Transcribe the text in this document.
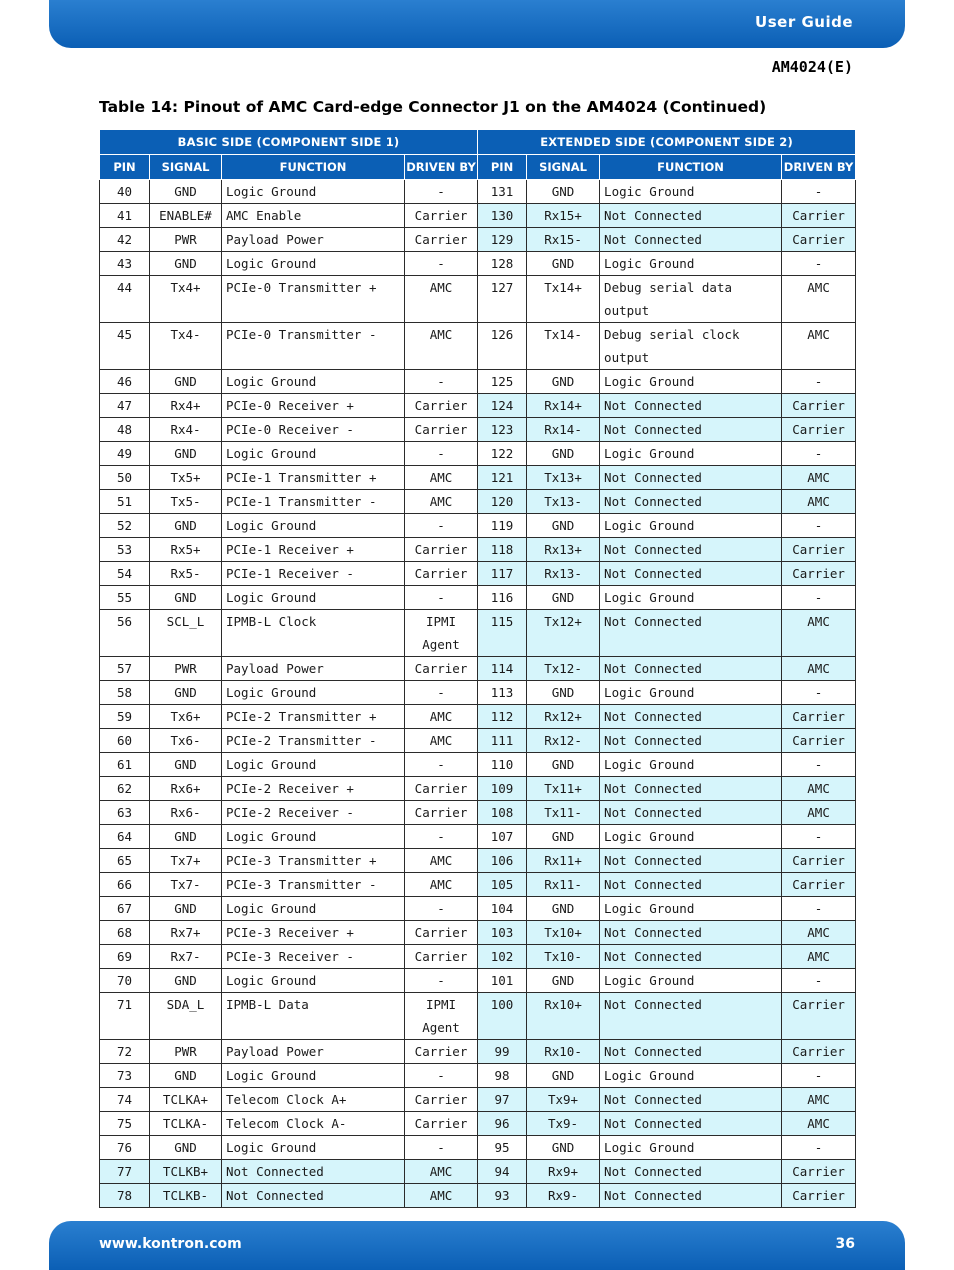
User Guide
AM4024(E)
Table 14: Pinout of AMC Card-edge Connector J1 on the AM4024 (Continued)
BASIC SIDE (COMPONENT SIDE 1)				EXTENDED SIDE (COMPONENT SIDE 2)			
PIN	SIGNAL	FUNCTION	DRIVEN BY	PIN	SIGNAL	FUNCTION	DRIVEN BY
40	GND	Logic Ground	-	131	GND	Logic Ground	-
41	ENABLE#	AMC Enable	Carrier	130	Rx15+	Not Connected	Carrier
42	PWR	Payload Power	Carrier	129	Rx15-	Not Connected	Carrier
43	GND	Logic Ground	-	128	GND	Logic Ground	-
44	Tx4+	PCIe-0 Transmitter +	AMC	127	Tx14+	Debug serial data output	AMC
45	Tx4-	PCIe-0 Transmitter -	AMC	126	Tx14-	Debug serial clock output	AMC
46	GND	Logic Ground	-	125	GND	Logic Ground	-
47	Rx4+	PCIe-0 Receiver +	Carrier	124	Rx14+	Not Connected	Carrier
48	Rx4-	PCIe-0 Receiver -	Carrier	123	Rx14-	Not Connected	Carrier
49	GND	Logic Ground	-	122	GND	Logic Ground	-
50	Tx5+	PCIe-1 Transmitter +	AMC	121	Tx13+	Not Connected	AMC
51	Tx5-	PCIe-1 Transmitter -	AMC	120	Tx13-	Not Connected	AMC
52	GND	Logic Ground	-	119	GND	Logic Ground	-
53	Rx5+	PCIe-1 Receiver +	Carrier	118	Rx13+	Not Connected	Carrier
54	Rx5-	PCIe-1 Receiver -	Carrier	117	Rx13-	Not Connected	Carrier
55	GND	Logic Ground	-	116	GND	Logic Ground	-
56	SCL_L	IPMB-L Clock	IPMI Agent	115	Tx12+	Not Connected	AMC
57	PWR	Payload Power	Carrier	114	Tx12-	Not Connected	AMC
58	GND	Logic Ground	-	113	GND	Logic Ground	-
59	Tx6+	PCIe-2 Transmitter +	AMC	112	Rx12+	Not Connected	Carrier
60	Tx6-	PCIe-2 Transmitter -	AMC	111	Rx12-	Not Connected	Carrier
61	GND	Logic Ground	-	110	GND	Logic Ground	-
62	Rx6+	PCIe-2 Receiver +	Carrier	109	Tx11+	Not Connected	AMC
63	Rx6-	PCIe-2 Receiver -	Carrier	108	Tx11-	Not Connected	AMC
64	GND	Logic Ground	-	107	GND	Logic Ground	-
65	Tx7+	PCIe-3 Transmitter +	AMC	106	Rx11+	Not Connected	Carrier
66	Tx7-	PCIe-3 Transmitter -	AMC	105	Rx11-	Not Connected	Carrier
67	GND	Logic Ground	-	104	GND	Logic Ground	-
68	Rx7+	PCIe-3 Receiver +	Carrier	103	Tx10+	Not Connected	AMC
69	Rx7-	PCIe-3 Receiver -	Carrier	102	Tx10-	Not Connected	AMC
70	GND	Logic Ground	-	101	GND	Logic Ground	-
71	SDA_L	IPMB-L Data	IPMI Agent	100	Rx10+	Not Connected	Carrier
72	PWR	Payload Power	Carrier	99	Rx10-	Not Connected	Carrier
73	GND	Logic Ground	-	98	GND	Logic Ground	-
74	TCLKA+	Telecom Clock A+	Carrier	97	Tx9+	Not Connected	AMC
75	TCLKA-	Telecom Clock A-	Carrier	96	Tx9-	Not Connected	AMC
76	GND	Logic Ground	-	95	GND	Logic Ground	-
77	TCLKB+	Not Connected	AMC	94	Rx9+	Not Connected	Carrier
78	TCLKB-	Not Connected	AMC	93	Rx9-	Not Connected	Carrier
www.kontron.com	36
